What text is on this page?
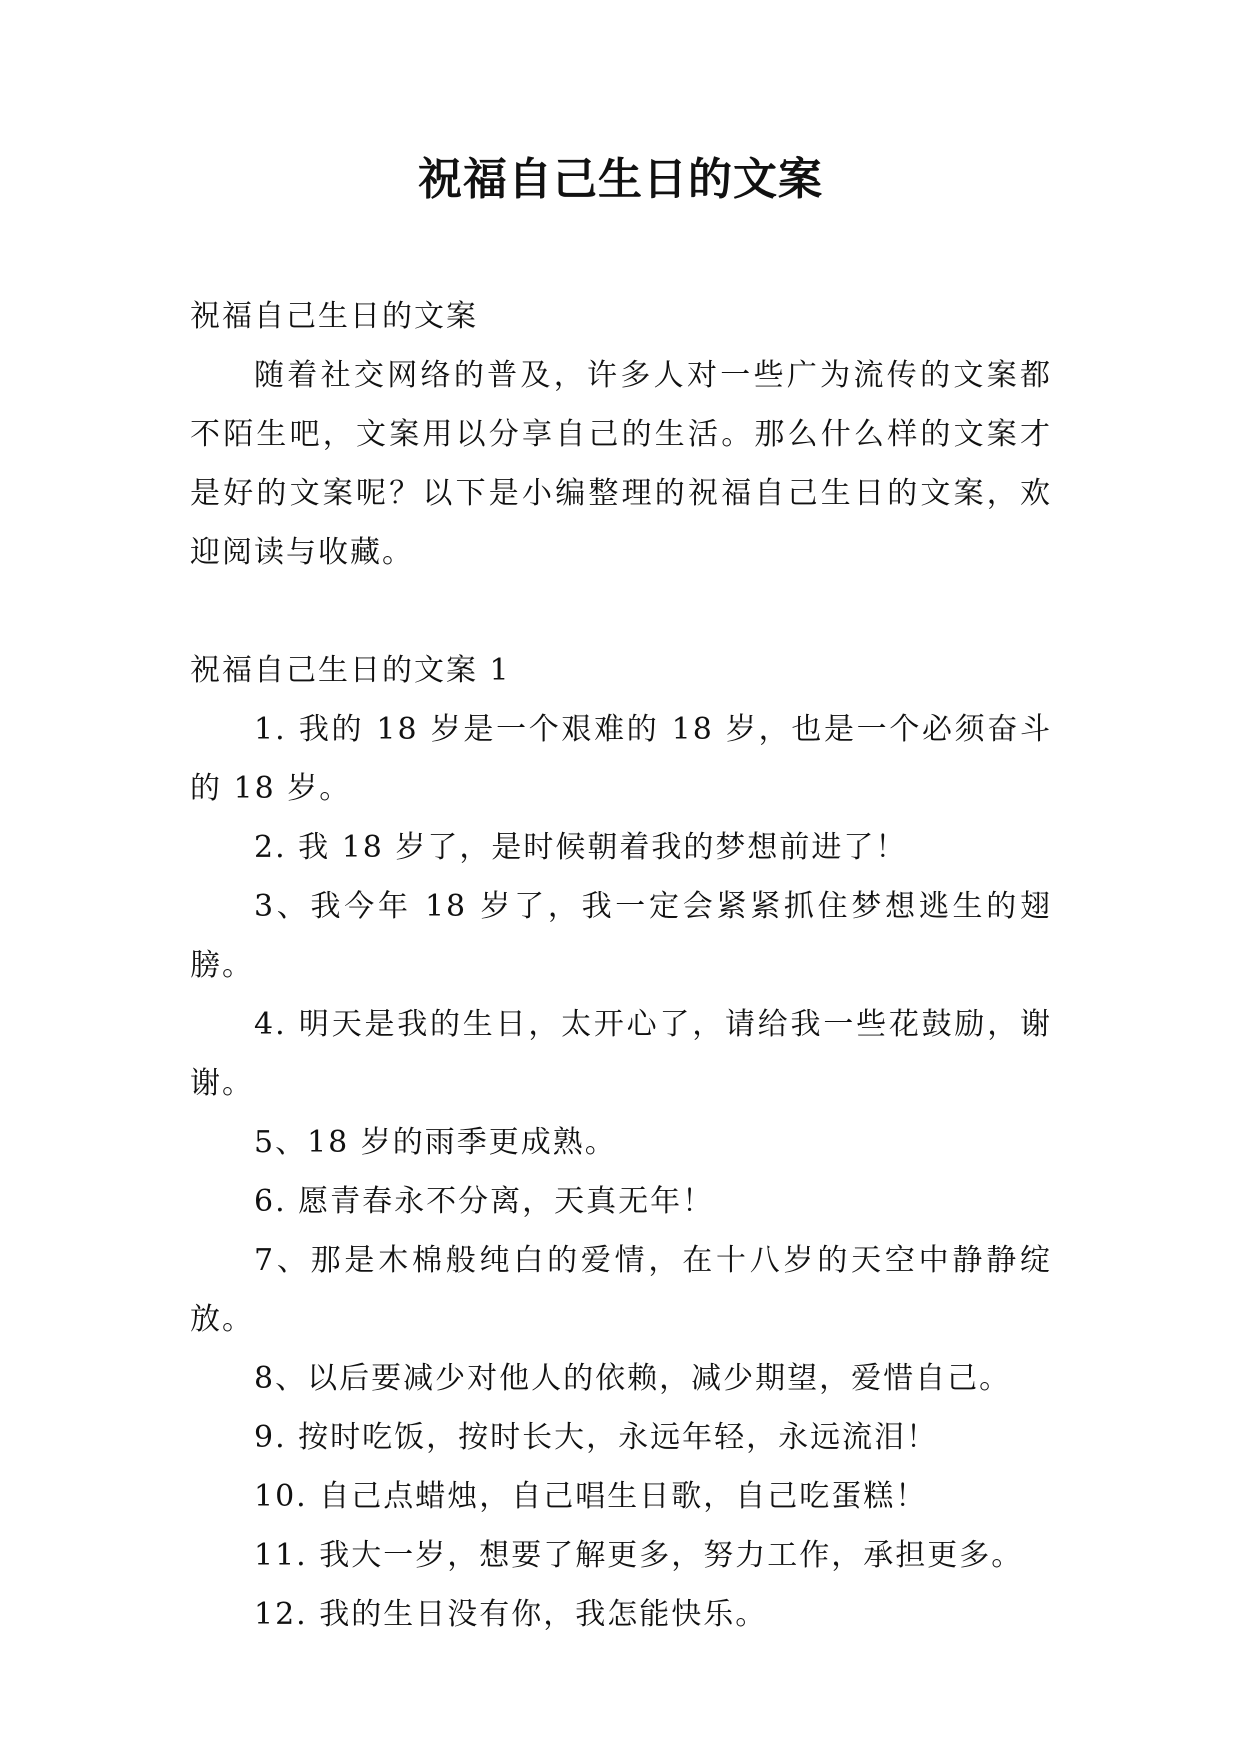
祝福自己生日的文案

祝福自己生日的文案

随着社交网络的普及，许多人对一些广为流传的文案都不陌生吧，文案用以分享自己的生活。那么什么样的文案才是好的文案呢？以下是小编整理的祝福自己生日的文案，欢迎阅读与收藏。

祝福自己生日的文案 1

1. 我的 18 岁是一个艰难的 18 岁，也是一个必须奋斗的 18 岁。

2. 我 18 岁了，是时候朝着我的梦想前进了！

3、我今年 18 岁了，我一定会紧紧抓住梦想逃生的翅膀。

4. 明天是我的生日，太开心了，请给我一些花鼓励，谢谢。

5、18 岁的雨季更成熟。

6. 愿青春永不分离，天真无年！

7、那是木棉般纯白的爱情，在十八岁的天空中静静绽放。

8、以后要减少对他人的依赖，减少期望，爱惜自己。

9. 按时吃饭，按时长大，永远年轻，永远流泪！

10. 自己点蜡烛，自己唱生日歌，自己吃蛋糕！

11. 我大一岁，想要了解更多，努力工作，承担更多。

12. 我的生日没有你，我怎能快乐。
